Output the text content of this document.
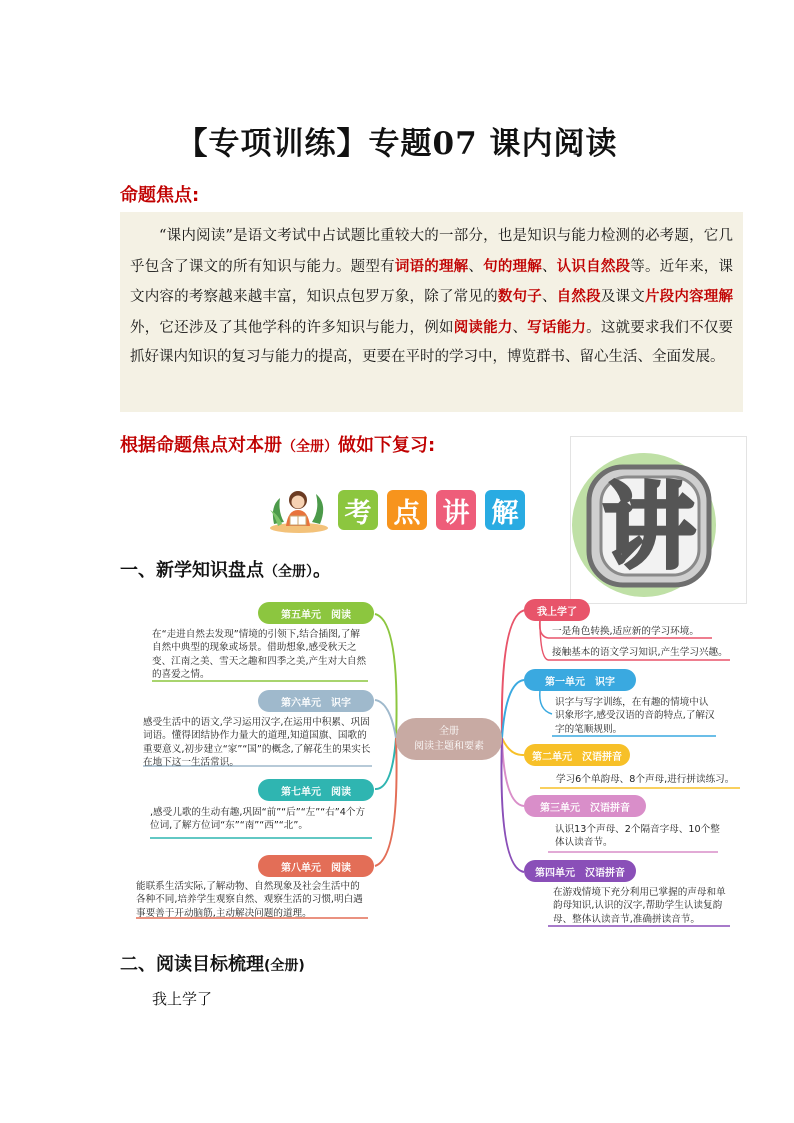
【专项训练】专题07 课内阅读
命题焦点:
“课内阅读”是语文考试中占试题比重较大的一部分，也是知识与能力检测的必考题，它几乎包含了课文的所有知识与能力。题型有词语的理解、句的理解、认识自然段等。近年来，课文内容的考察越来越丰富，知识点包罗万象，除了常见的数句子、自然段及课文片段内容理解外，它还涉及了其他学科的许多知识与能力，例如阅读能力、写话能力。这就要求我们不仅要抓好课内知识的复习与能力的提高，更要在平时的学习中，博览群书、留心生活、全面发展。
根据命题焦点对本册（全册）做如下复习:
考 点 讲 解 讲
一、新学知识盘点（全册）。
全册
阅读主题和要素
第五单元　阅读
第六单元　识字
第七单元　阅读
第八单元　阅读
在“走进自然去发现”情境的引领下,结合插图,了解自然中典型的现象或场景。借助想象,感受秋天之变、江南之美、雪天之趣和四季之美,产生对大自然的喜爱之情。
感受生活中的语文,学习运用汉字,在运用中积累、巩固词语。懂得团结协作力量大的道理,知道国旗、国歌的重要意义,初步建立“家”“国”的概念,了解花生的果实长在地下这一生活常识。
,感受儿歌的生动有趣,巩固“前”“后”“左”“右”4个方位词,了解方位词“东”“南”“西”“北”。
能联系生活实际,了解动物、自然现象及社会生活中的各种不同,培养学生观察自然、观察生活的习惯,明白遇事要善于开动脑筋,主动解决问题的道理。
我上学了
第一单元　识字
第二单元　汉语拼音
第三单元　汉语拼音
第四单元　汉语拼音
一是角色转换,适应新的学习环境。
接触基本的语文学习知识,产生学习兴趣。
识字与写字训练，在有趣的情境中认识象形字,感受汉语的音韵特点,了解汉字的笔顺规则。
学习6个单韵母、8个声母,进行拼读练习。
认识13个声母、2个隔音字母、10个整体认读音节。
在游戏情境下充分利用已掌握的声母和单韵母知识,认识的汉字,帮助学生认读复韵母、整体认读音节,准确拼读音节。
二、阅读目标梳理(全册)
我上学了
